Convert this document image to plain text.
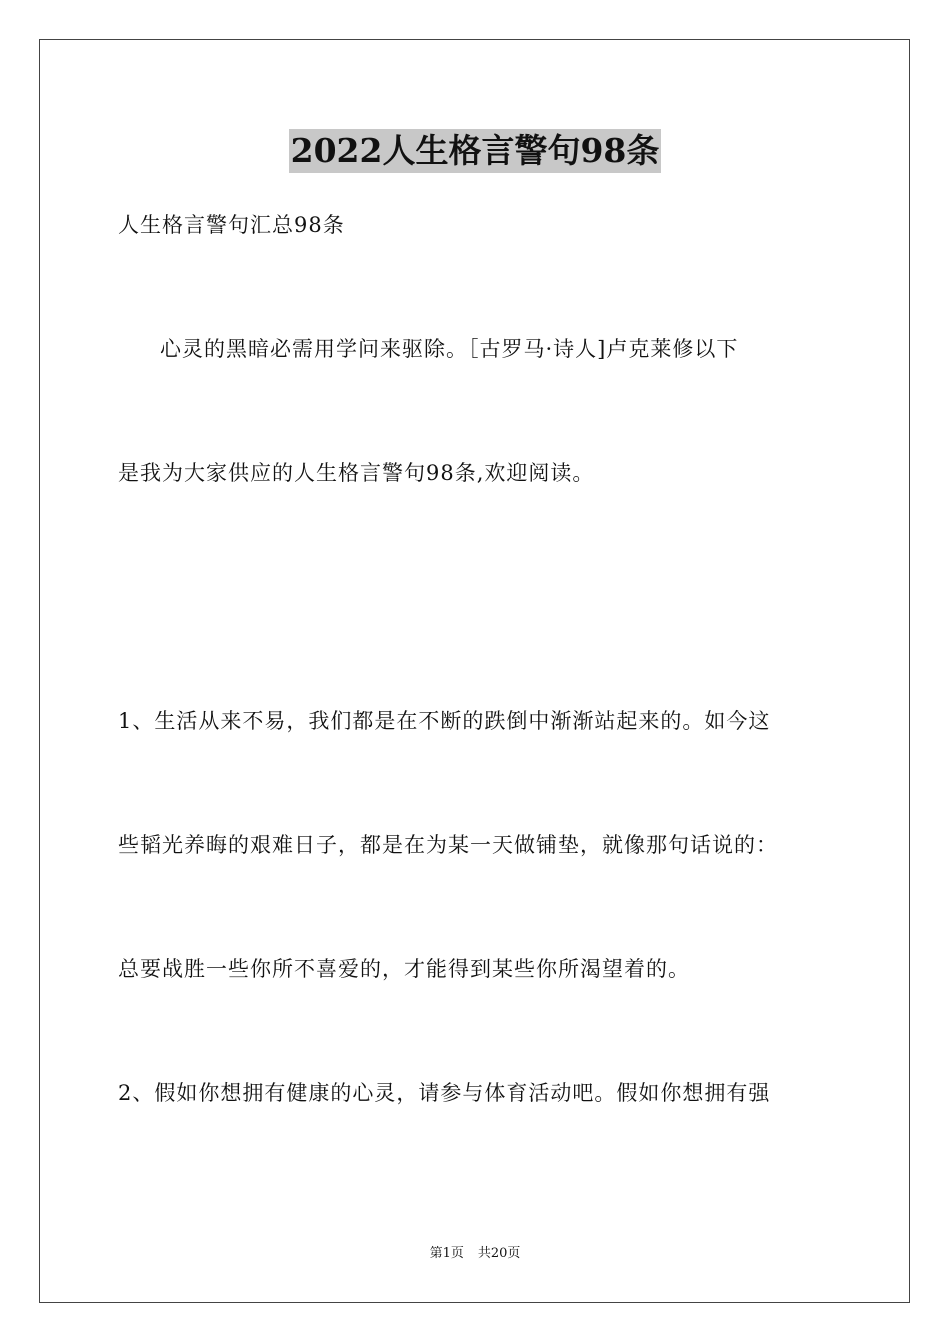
2022人生格言警句98条
人生格言警句汇总98条
心灵的黑暗必需用学问来驱除。［古罗马·诗人]卢克莱修以下
是我为大家供应的人生格言警句98条,欢迎阅读。
1、生活从来不易，我们都是在不断的跌倒中渐渐站起来的。如今这
些韬光养晦的艰难日子，都是在为某一天做铺垫，就像那句话说的：
总要战胜一些你所不喜爱的，才能得到某些你所渴望着的。
2、假如你想拥有健康的心灵，请参与体育活动吧。假如你想拥有强
第1页 共20页
